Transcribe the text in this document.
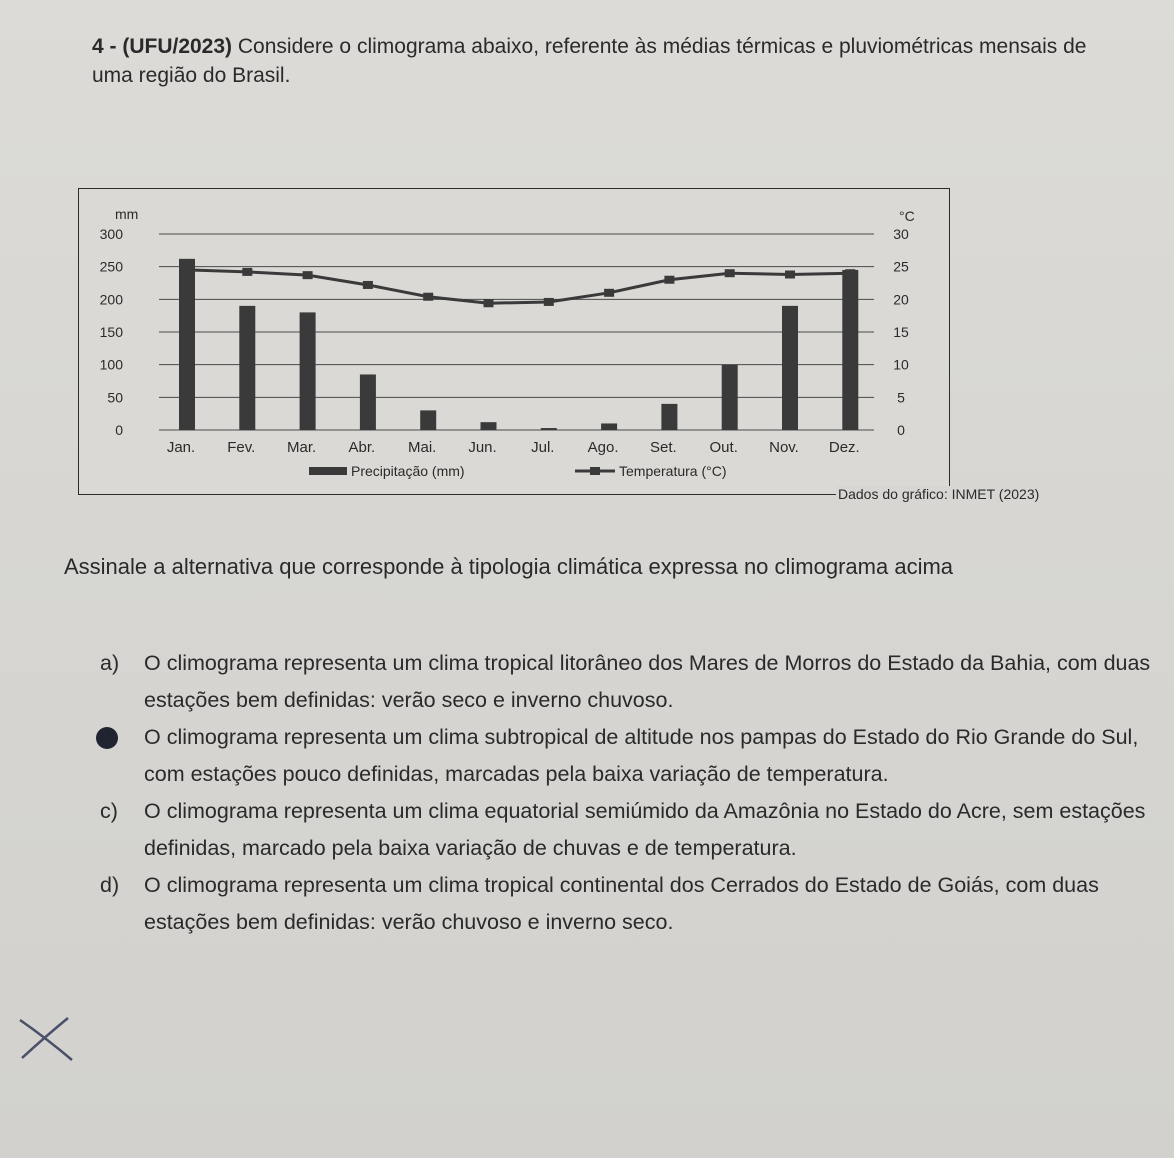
4 - (UFU/2023) Considere o climograma abaixo, referente às médias térmicas e pluviométricas mensais de uma região do Brasil.
0
50
100
150
200
250
300
0
5
10
15
20
25
30
mm	°C
Jan. Fev. Mar. Abr. Mai. Jun. Jul. Ago. Set. Out. Nov. Dez.
Precipitação (mm)	Temperatura (°C)
Dados do gráfico: INMET (2023)
Assinale a alternativa que corresponde à tipologia climática expressa no climograma acima
a)	O climograma representa um clima tropical litorâneo dos Mares de Morros do Estado da Bahia, com duas estações bem definidas: verão seco e inverno chuvoso.
O climograma representa um clima subtropical de altitude nos pampas do Estado do Rio Grande do Sul, com estações pouco definidas, marcadas pela baixa variação de temperatura.
c)	O climograma representa um clima equatorial semiúmido da Amazônia no Estado do Acre, sem estações definidas, marcado pela baixa variação de chuvas e de temperatura.
d)	O climograma representa um clima tropical continental dos Cerrados do Estado de Goiás, com duas estações bem definidas: verão chuvoso e inverno seco.
